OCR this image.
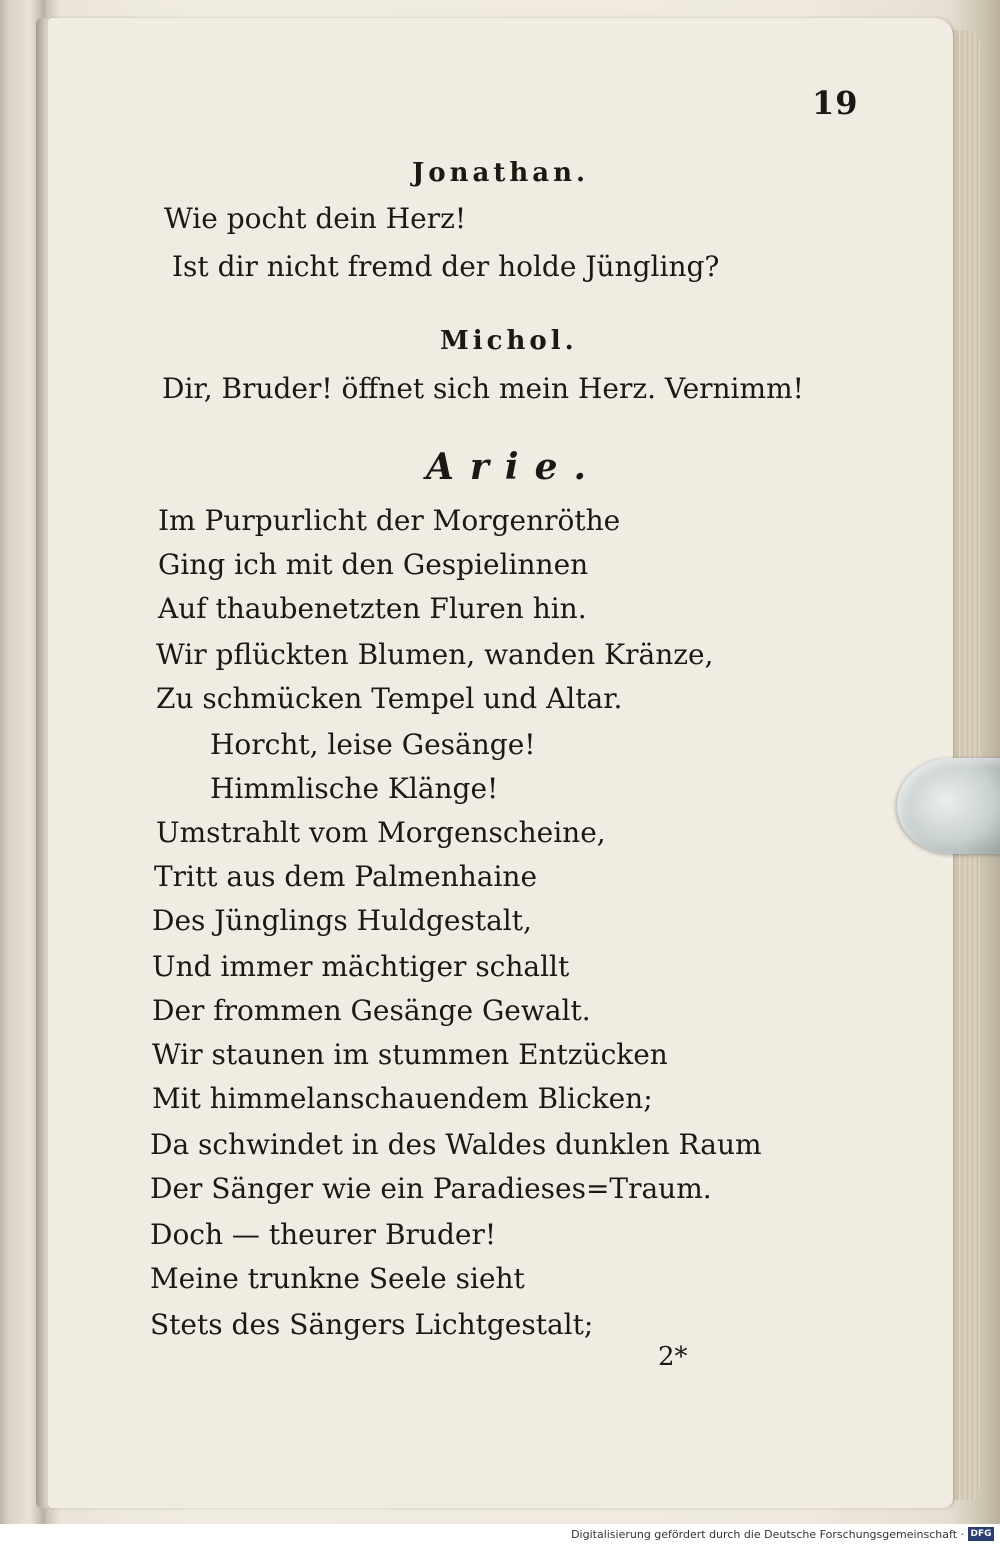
19
Jonathan.
Wie pocht dein Herz!
Ist dir nicht fremd der holde Jüngling?
Michol.
Dir, Bruder! öffnet sich mein Herz. Vernimm!
Arie.
Im Purpurlicht der Morgenröthe
Ging ich mit den Gespielinnen
Auf thaubenetzten Fluren hin.
Wir pflückten Blumen, wanden Kränze,
Zu schmücken Tempel und Altar.
Horcht, leise Gesänge!
Himmlische Klänge!
Umstrahlt vom Morgenscheine,
Tritt aus dem Palmenhaine
Des Jünglings Huldgestalt,
Und immer mächtiger schallt
Der frommen Gesänge Gewalt.
Wir staunen im stummen Entzücken
Mit himmelanschauendem Blicken;
Da schwindet in des Waldes dunklen Raum
Der Sänger wie ein Paradieses=Traum.
Doch — theurer Bruder!
Meine trunkne Seele sieht
Stets des Sängers Lichtgestalt;
2*
Digitalisierung gefördert durch die Deutsche Forschungsgemeinschaft · DFG
